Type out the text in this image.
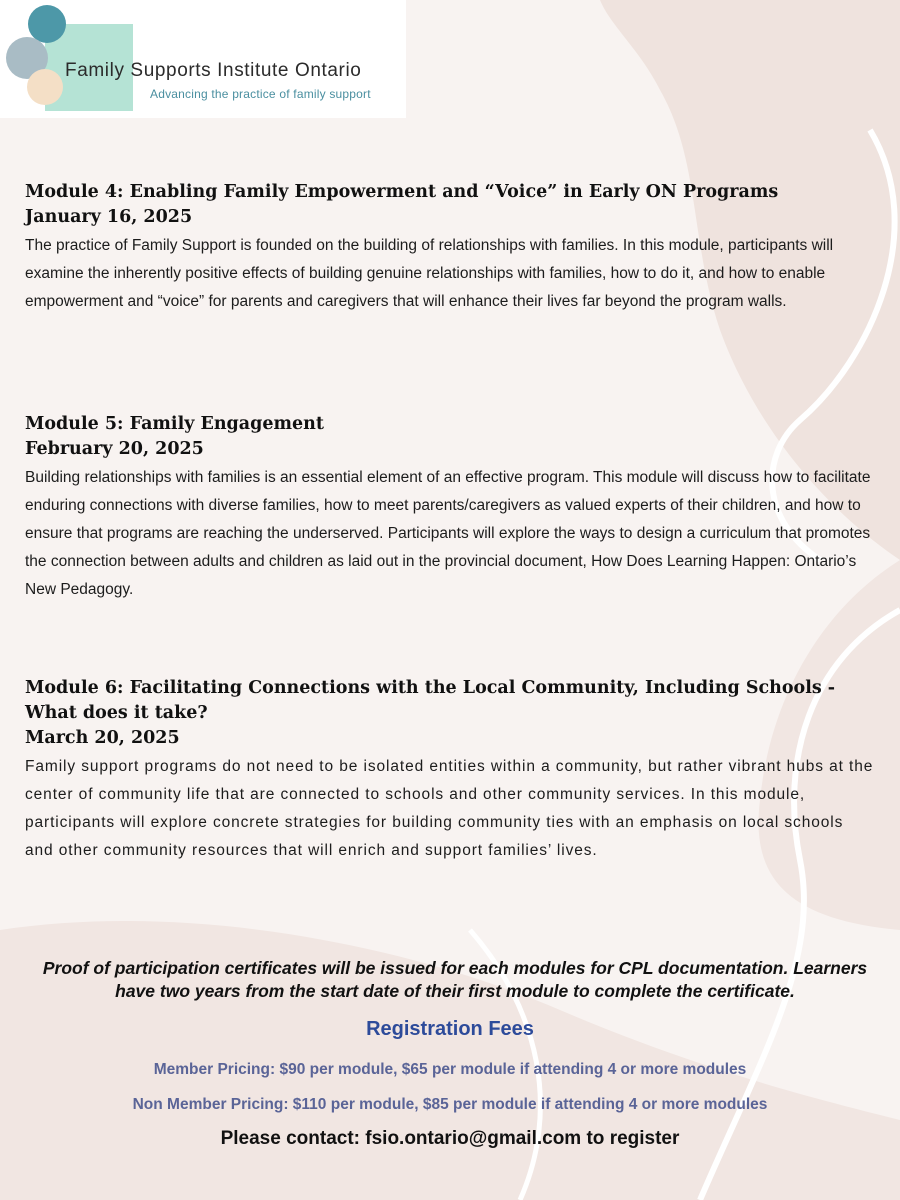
Family Supports Institute Ontario
Advancing the practice of family support
Module 4: Enabling Family Empowerment and “Voice” in Early ON Programs
January 16, 2025

The practice of Family Support is founded on the building of relationships with families. In this module, participants will examine the inherently positive effects of building genuine relationships with families, how to do it, and how to enable empowerment and “voice” for parents and caregivers that will enhance their lives far beyond the program walls.

Module 5: Family Engagement
February 20, 2025

Building relationships with families is an essential element of an effective program. This module will discuss how to facilitate enduring connections with diverse families, how to meet parents/caregivers as valued experts of their children, and how to ensure that programs are reaching the underserved. Participants will explore the ways to design a curriculum that promotes the connection between adults and children as laid out in the provincial document, How Does Learning Happen: Ontario’s New Pedagogy.

Module 6: Facilitating Connections with the Local Community, Including Schools - What does it take?
March 20, 2025

Family support programs do not need to be isolated entities within a community, but rather vibrant hubs at the center of community life that are connected to schools and other community services. In this module, participants will explore concrete strategies for building community ties with an emphasis on local schools and other community resources that will enrich and support families’ lives.

Proof of participation certificates will be issued for each modules for CPL documentation. Learners have two years from the start date of their first module to complete the certificate.
Registration Fees
Member Pricing: $90 per module, $65 per module if attending 4 or more modules
Non Member Pricing: $110 per module, $85 per module if attending 4 or more modules
Please contact: fsio.ontario@gmail.com to register
